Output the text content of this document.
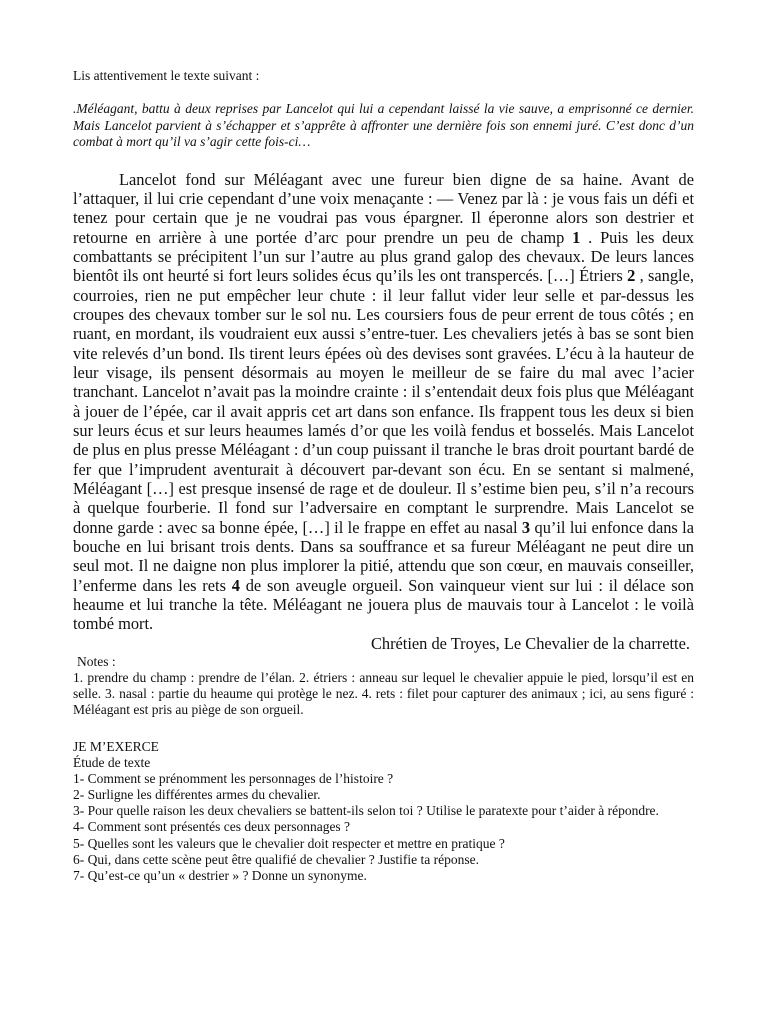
Lis attentivement le texte suivant :

.Méléagant, battu à deux reprises par Lancelot qui lui a cependant laissé la vie sauve, a emprisonné ce dernier. Mais Lancelot parvient à s’échapper et s’apprête à affronter une dernière fois son ennemi juré. C’est donc d’un combat à mort qu’il va s’agir cette fois-ci…

Lancelot fond sur Méléagant avec une fureur bien digne de sa haine. Avant de l’attaquer, il lui crie cependant d’une voix menaçante : — Venez par là : je vous fais un défi et tenez pour certain que je ne voudrai pas vous épargner. Il éperonne alors son destrier et retourne en arrière à une portée d’arc pour prendre un peu de champ 1 . Puis les deux combattants se précipitent l’un sur l’autre au plus grand galop des chevaux. De leurs lances bientôt ils ont heurté si fort leurs solides écus qu’ils les ont transpercés. […] Étriers 2 , sangle, courroies, rien ne put empêcher leur chute : il leur fallut vider leur selle et par-dessus les croupes des chevaux tomber sur le sol nu. Les coursiers fous de peur errent de tous côtés ; en ruant, en mordant, ils voudraient eux aussi s’entre-tuer. Les chevaliers jetés à bas se sont bien vite relevés d’un bond. Ils tirent leurs épées où des devises sont gravées. L’écu à la hauteur de leur visage, ils pensent désormais au moyen le meilleur de se faire du mal avec l’acier tranchant. Lancelot n’avait pas la moindre crainte : il s’entendait deux fois plus que Méléagant à jouer de l’épée, car il avait appris cet art dans son enfance. Ils frappent tous les deux si bien sur leurs écus et sur leurs heaumes lamés d’or que les voilà fendus et bosselés. Mais Lancelot de plus en plus presse Méléagant : d’un coup puissant il tranche le bras droit pourtant bardé de fer que l’imprudent aventurait à découvert par-devant son écu. En se sentant si malmené, Méléagant […] est presque insensé de rage et de douleur. Il s’estime bien peu, s’il n’a recours à quelque fourberie. Il fond sur l’adversaire en comptant le surprendre. Mais Lancelot se donne garde : avec sa bonne épée, […] il le frappe en effet au nasal 3 qu’il lui enfonce dans la bouche en lui brisant trois dents. Dans sa souffrance et sa fureur Méléagant ne peut dire un seul mot. Il ne daigne non plus implorer la pitié, attendu que son cœur, en mauvais conseiller, l’enferme dans les rets 4 de son aveugle orgueil. Son vainqueur vient sur lui : il délace son heaume et lui tranche la tête. Méléagant ne jouera plus de mauvais tour à Lancelot : le voilà tombé mort.

Chrétien de Troyes, Le Chevalier de la charrette.

Notes :

1. prendre du champ : prendre de l’élan. 2. étriers : anneau sur lequel le chevalier appuie le pied, lorsqu’il est en selle. 3. nasal : partie du heaume qui protège le nez. 4. rets : filet pour capturer des animaux ; ici, au sens figuré : Méléagant est pris au piège de son orgueil.

JE M’EXERCE

Étude de texte

1- Comment se prénomment les personnages de l’histoire ?
2- Surligne les différentes armes du chevalier.
3- Pour quelle raison les deux chevaliers se battent-ils selon toi ? Utilise le paratexte pour t’aider à répondre.
4- Comment sont présentés ces deux personnages ?
5- Quelles sont les valeurs que le chevalier doit respecter et mettre en pratique ?
6- Qui, dans cette scène peut être qualifié de chevalier ? Justifie ta réponse.
7- Qu’est-ce qu’un « destrier » ? Donne un synonyme.
